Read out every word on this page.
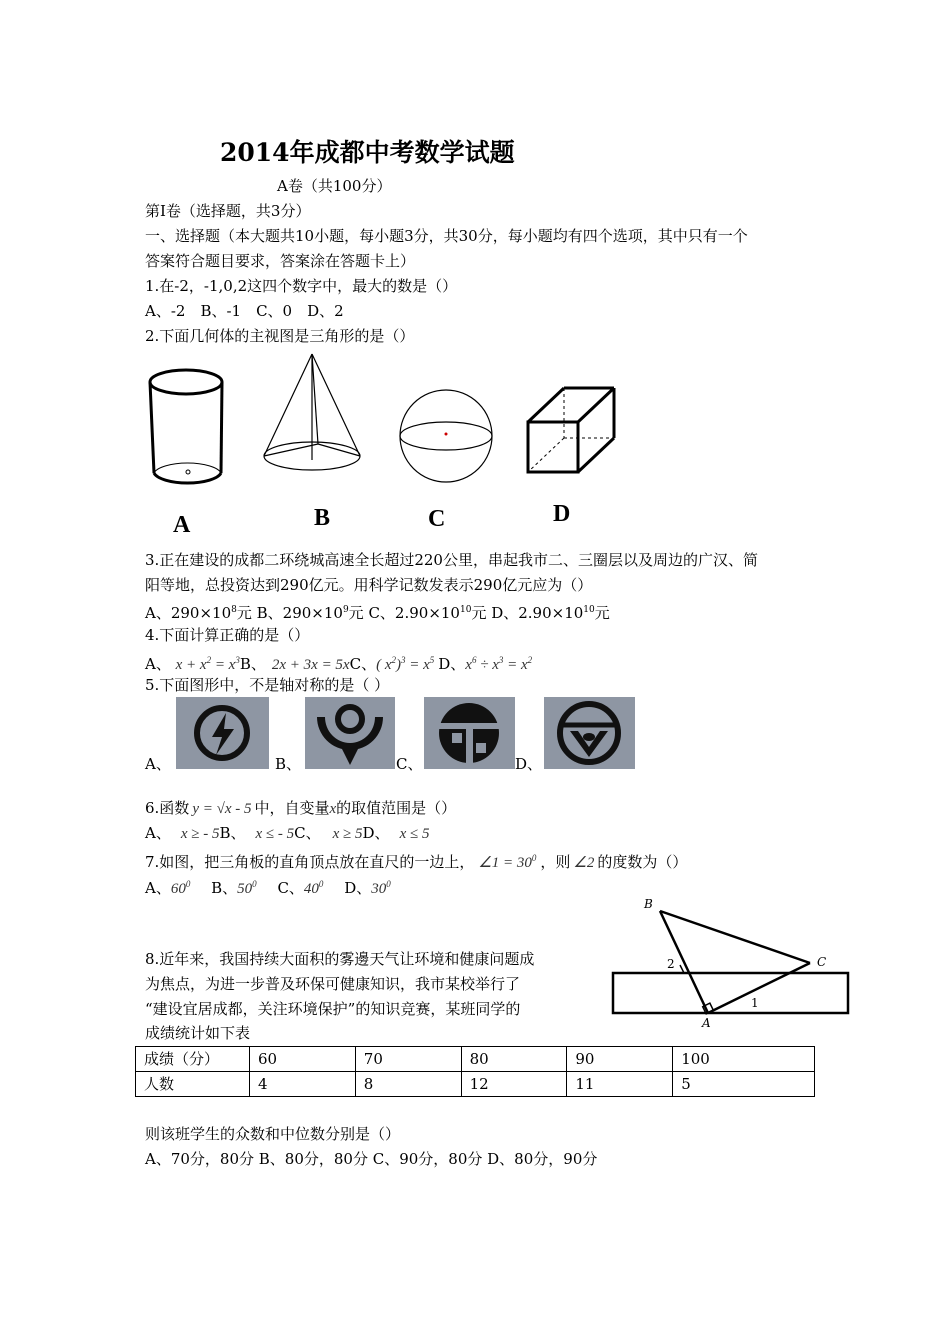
2014年成都中考数学试题
A卷（共100分）
第I卷（选择题，共3分）
一、选择题（本大题共10小题，每小题3分，共30分，每小题均有四个选项，其中只有一个
答案符合题目要求，答案涂在答题卡上）
1.在-2，-1,0,2这四个数字中，最大的数是（）
A、-2　B、-1　C、0　D、2
2.下面几何体的主视图是三角形的是（）
A	B	C	D
3.正在建设的成都二环绕城高速全长超过220公里，串起我市二、三圈层以及周边的广汉、简
阳等地，总投资达到290亿元。用科学记数发表示290亿元应为（）
A、$290\times 10^8$元 B、$290\times 10^9$元 C、$2.90\times 10^{10}$元 D、$2.90\times 10^{10}$元
4.下面计算正确的是（）
A、 $x + x^2 = x^3B$、 2x + 3x = 5xC、( $x^2)^3 = x^5$ D、$x^6 \div x^3 = x^2$
5.下面图形中，不是轴对称的是（ ）
A、	B、	C、	D、
6.函数 y = √x - 5 中，自变量x的取值范围是（）
A、 x ≥ - 5B、 x ≤ - 5C、 x ≥ 5D、 x ≤ 5
7.如图，把三角板的直角顶点放在直尺的一边上， ∠1 = $30^0$ ，则 ∠2 的度数为（）
A、$60^0$ B、$50^0$ C、$40^0$ D、$30^0$
B
C
A
1
2
8.近年来，我国持续大面积的雾邊天气让环境和健康问题成
为焦点，为进一步普及环保可健康知识，我市某校举行了
“建设宜居成都，关注环境保护”的知识竞赛，某班同学的
成绩统计如下表
成绩（分）	60	70	80	90	100
人数	4	8	12	11	5
则该班学生的众数和中位数分别是（）
A、70分，80分 B、80分，80分 C、90分，80分 D、80分，90分
